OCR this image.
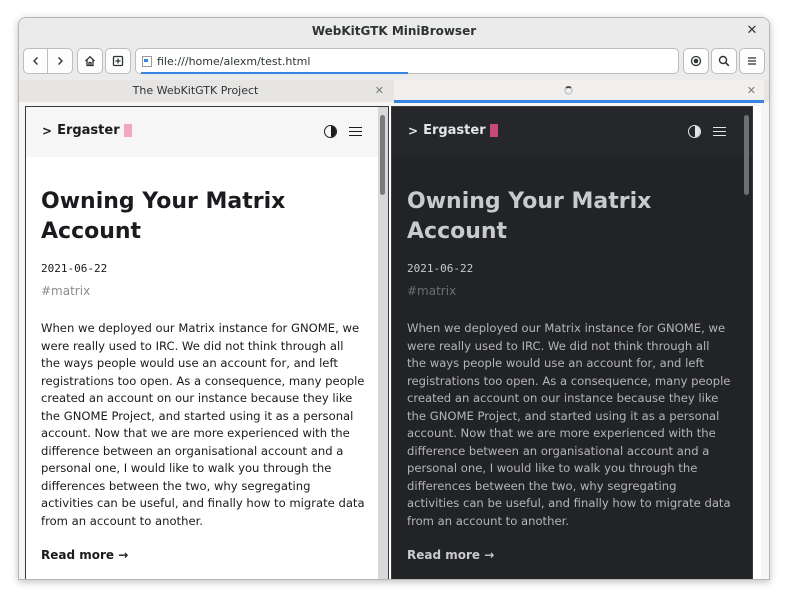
WebKitGTK MiniBrowser	✕
file:///home/alexm/test.html
The WebKitGTK Project	✕	✕
> Ergaster
Owning Your Matrix Account
2021-06-22
#matrix
When we deployed our Matrix instance for GNOME, we were really used to IRC. We did not think through all the ways people would use an account for, and left registrations too open. As a consequence, many people created an account on our instance because they like the GNOME Project, and started using it as a personal account. Now that we are more experienced with the difference between an organisational account and a personal one, I would like to walk you through the differences between the two, why segregating activities can be useful, and finally how to migrate data from an account to another.
Read more →
> Ergaster
Owning Your Matrix Account
2021-06-22
#matrix
When we deployed our Matrix instance for GNOME, we were really used to IRC. We did not think through all the ways people would use an account for, and left registrations too open. As a consequence, many people created an account on our instance because they like the GNOME Project, and started using it as a personal account. Now that we are more experienced with the difference between an organisational account and a personal one, I would like to walk you through the differences between the two, why segregating activities can be useful, and finally how to migrate data from an account to another.
Read more →
